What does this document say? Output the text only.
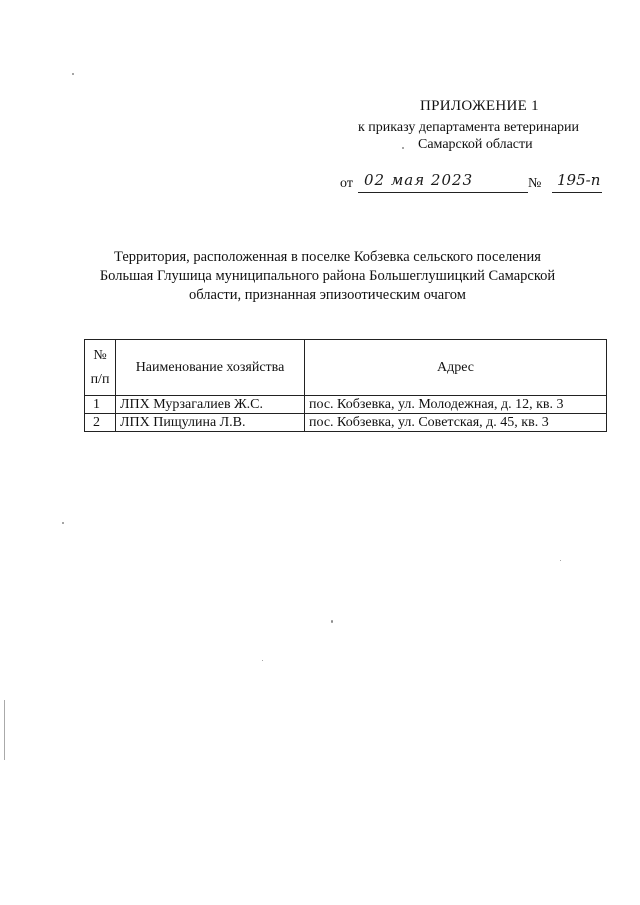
ПРИЛОЖЕНИЕ 1
к приказу департамента ветеринарии
Самарской области
от 02 мая 2023	№ 195-п
Территория, расположенная в поселке Кобзевка сельского поселения
Большая Глушица муниципального района Большеглушицкий Самарской
области, признанная эпизоотическим очагом
№
п/п	Наименование хозяйства	Адрес
1	ЛПХ Мурзагалиев Ж.С.	пос. Кобзевка, ул. Молодежная, д. 12, кв. 3
2	ЛПХ Пищулина Л.В.	пос. Кобзевка, ул. Советская, д. 45, кв. 3
